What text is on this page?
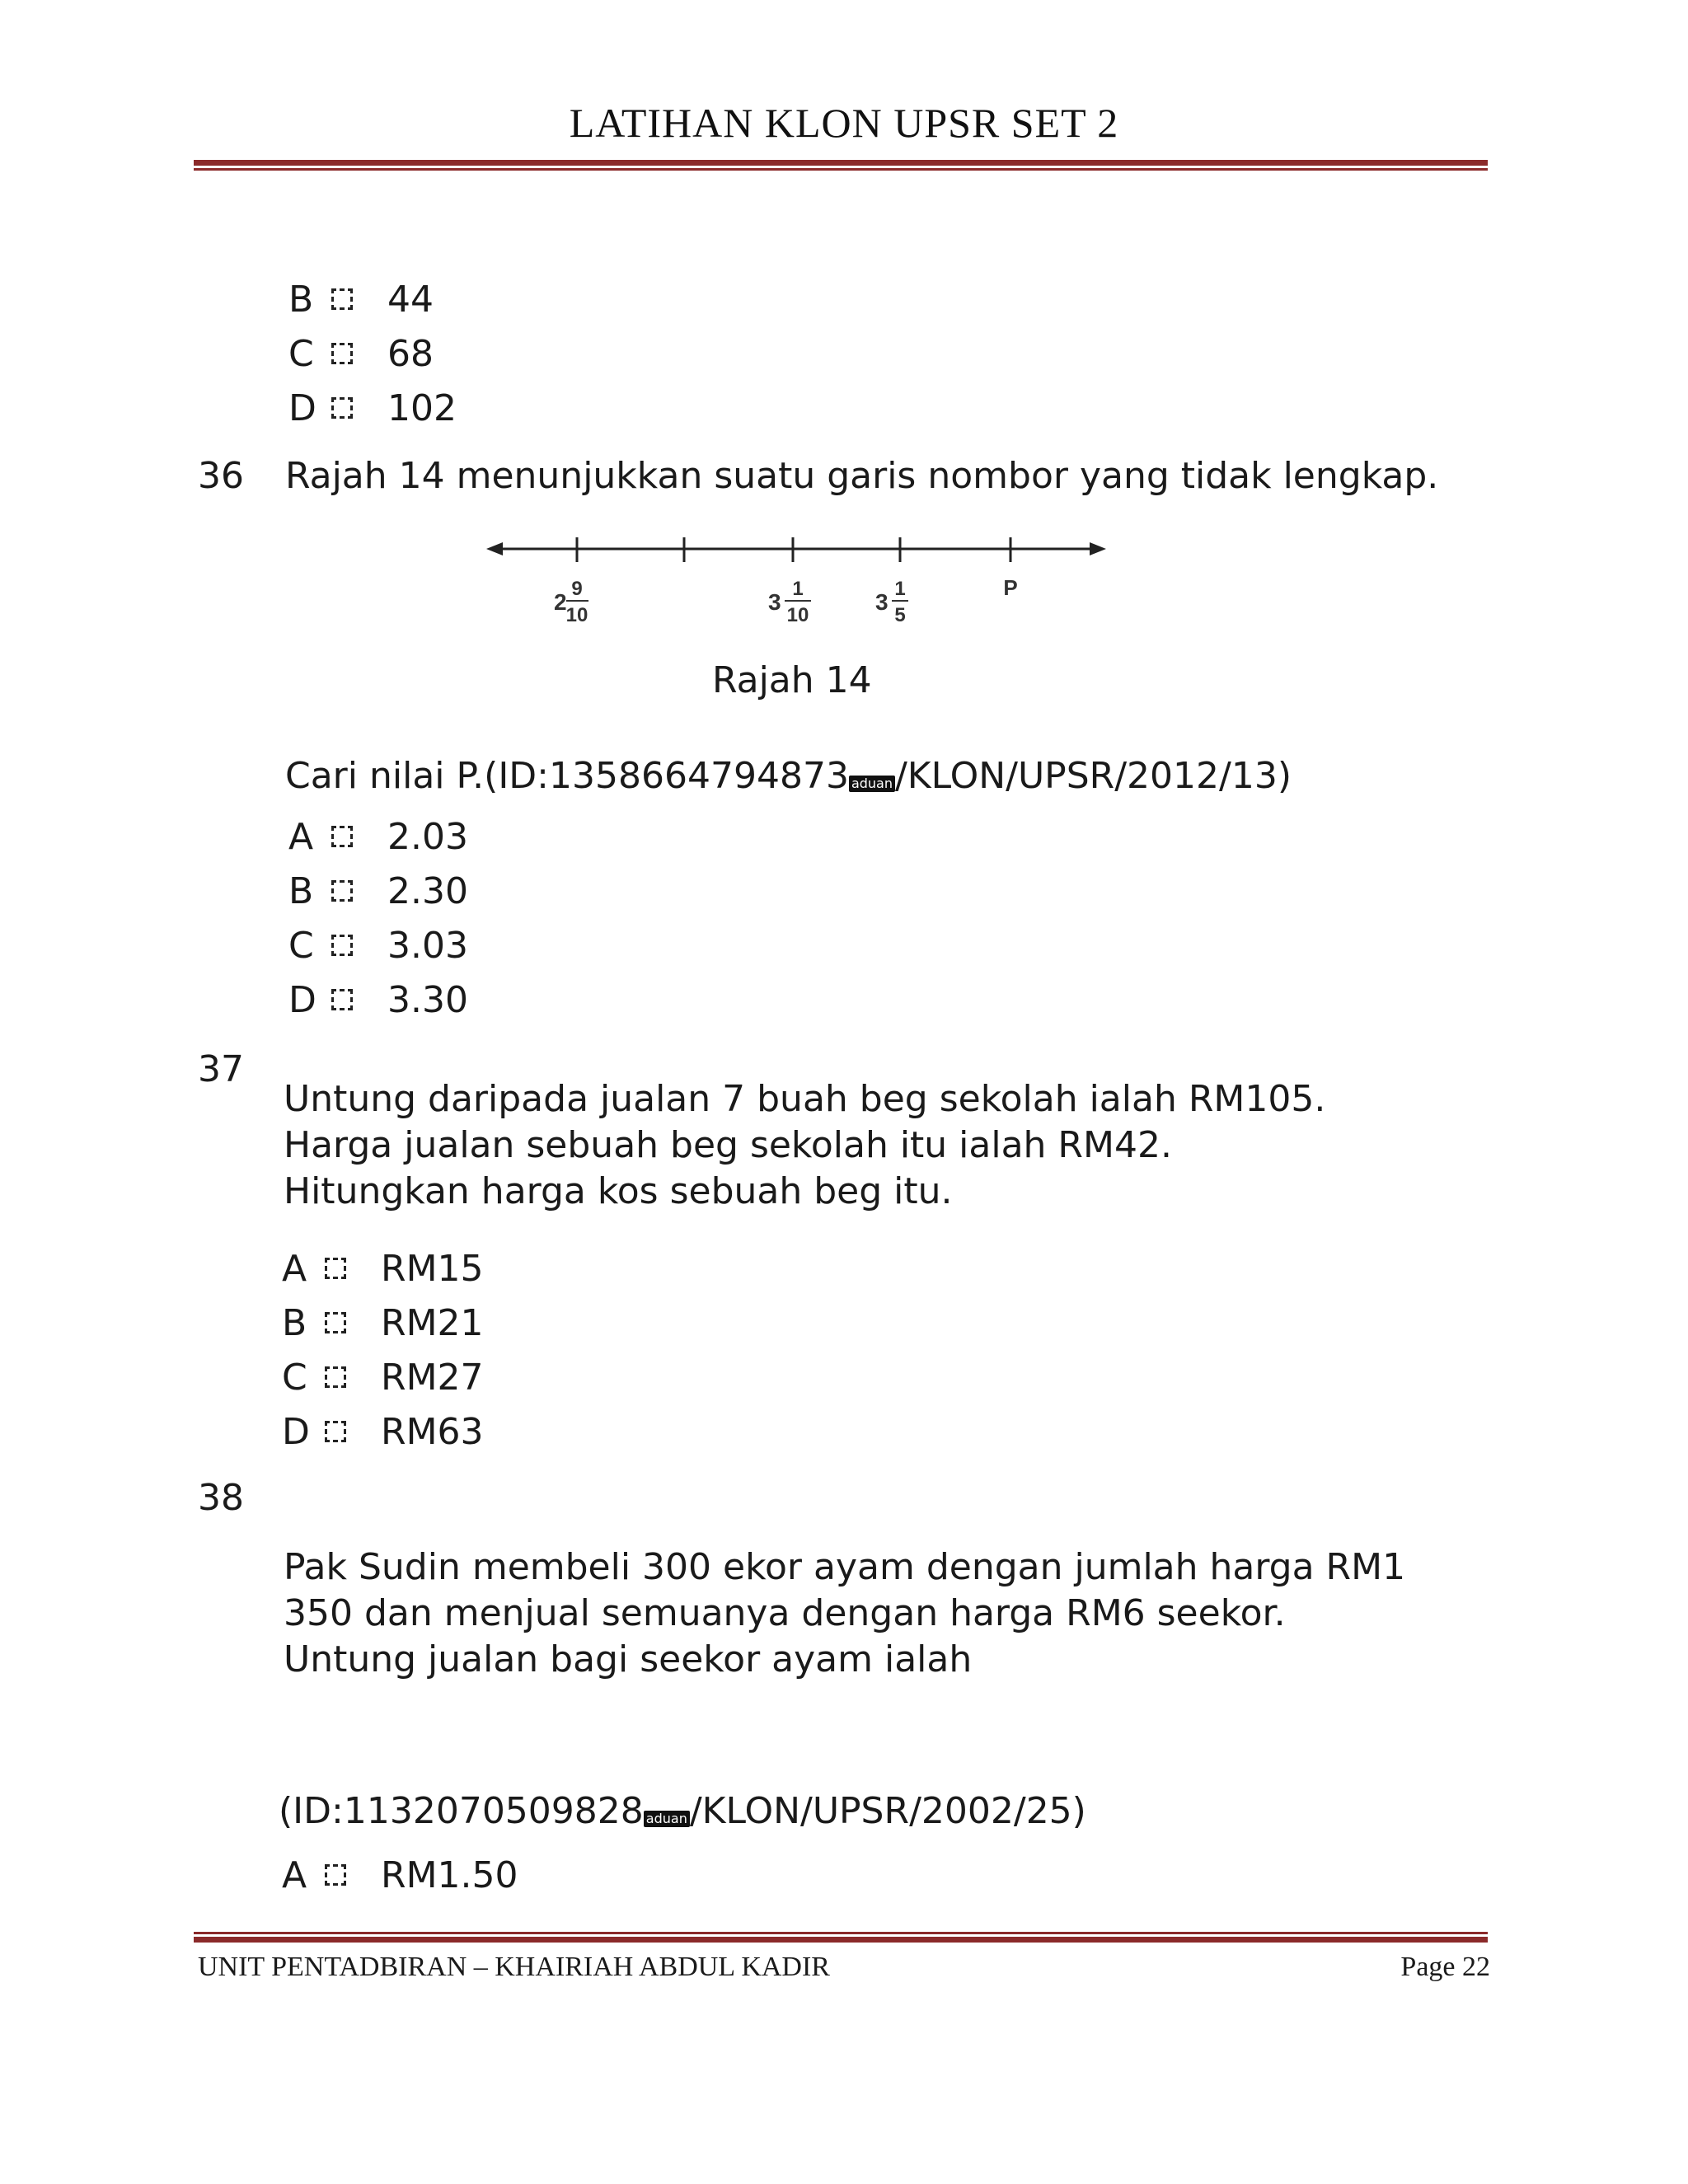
LATIHAN KLON UPSR SET 2
B 44
C 68
D 102
36 Rajah 14 menunjukkan suatu garis nombor yang tidak lengkap.
2
9
10
3
1
10
3
1
5
P
Rajah 14
Cari nilai P.(ID:1358664794873 aduan/KLON/UPSR/2012/13)
A 2.03
B 2.30
C 3.03
D 3.30
37
Untung daripada jualan 7 buah beg sekolah ialah RM105.
Harga jualan sebuah beg sekolah itu ialah RM42.
Hitungkan harga kos sebuah beg itu.
A RM15
B RM21
C RM27
D RM63
38
Pak Sudin membeli 300 ekor ayam dengan jumlah harga RM1
350 dan menjual semuanya dengan harga RM6 seekor.
Untung jualan bagi seekor ayam ialah
(ID:1132070509828 aduan/KLON/UPSR/2002/25)
A RM1.50
UNIT PENTADBIRAN – KHAIRIAH ABDUL KADIR	Page 22
